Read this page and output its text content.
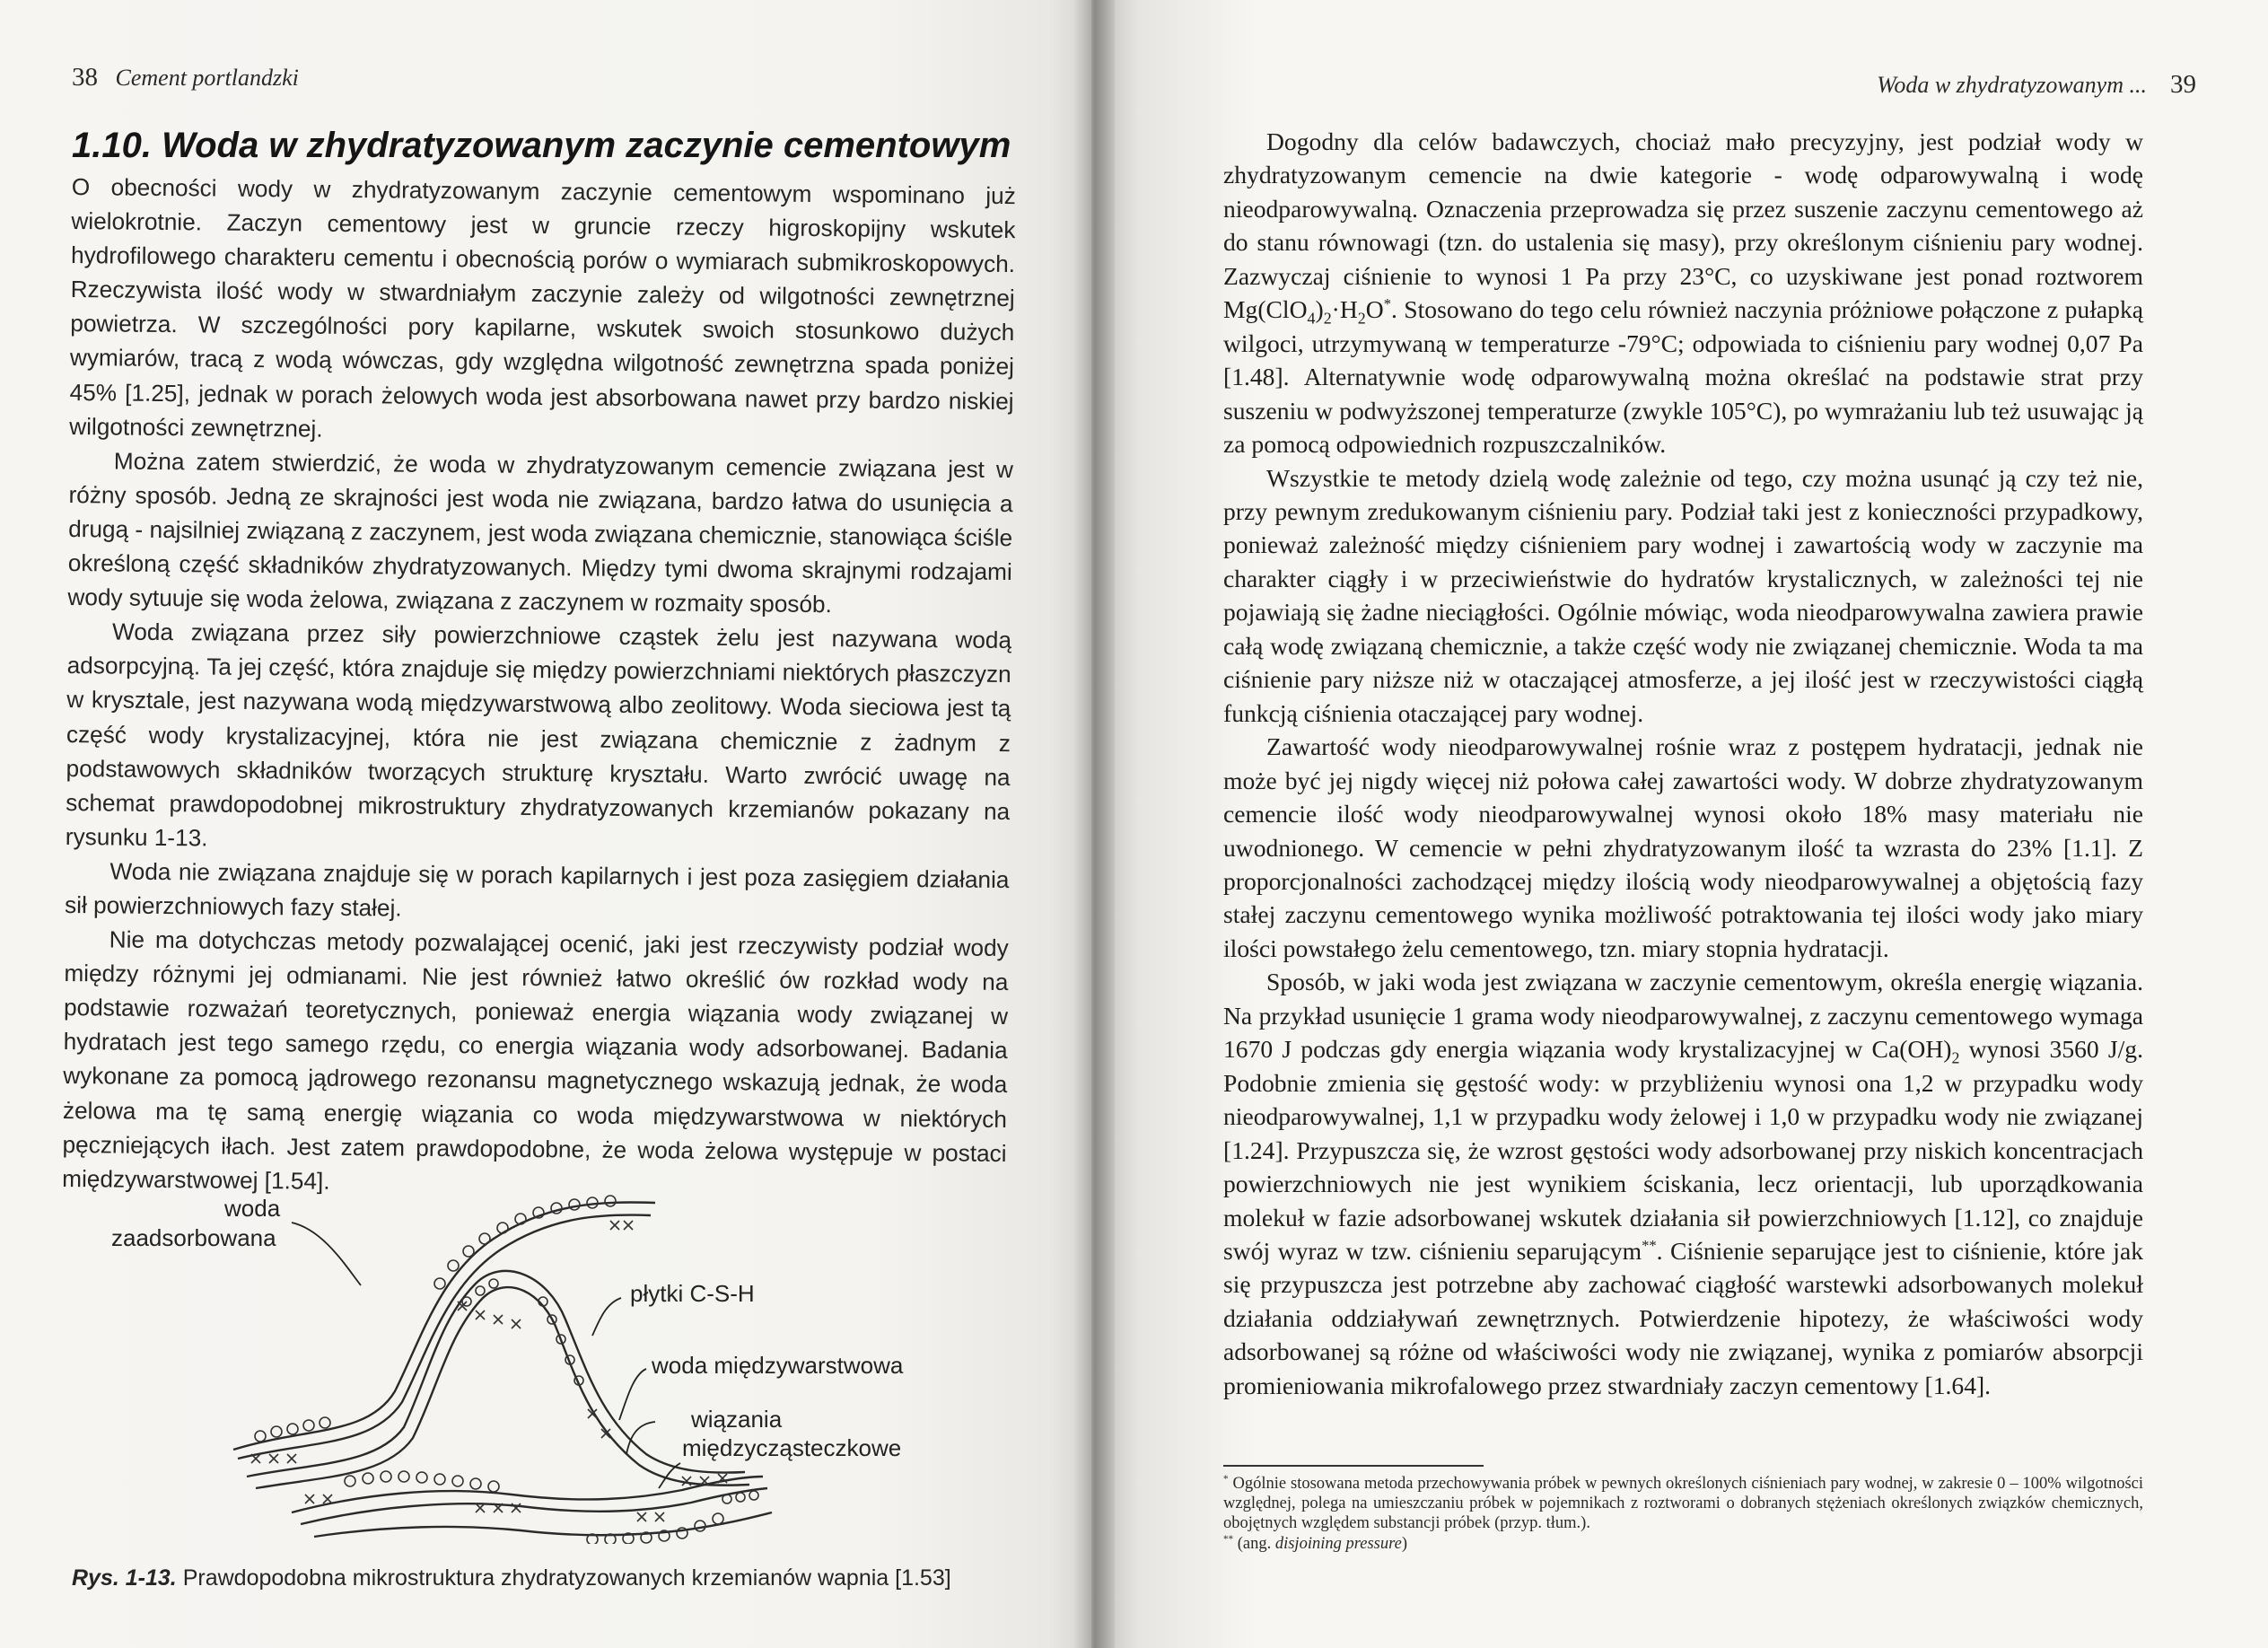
38 Cement portlandzki
1.10. Woda w zhydratyzowanym zaczynie cementowym

O obecności wody w zhydratyzowanym zaczynie cementowym wspominano już wielokrotnie. Zaczyn cementowy jest w gruncie rzeczy higroskopijny wskutek hydrofilowego charakteru cementu i obecnością porów o wymiarach submikroskopowych. Rzeczywista ilość wody w stwardniałym zaczynie zależy od wilgotności zewnętrznej powietrza. W szczególności pory kapilarne, wskutek swoich stosunkowo dużych wymiarów, tracą z wodą wówczas, gdy względna wilgotność zewnętrzna spada poniżej 45% [1.25], jednak w porach żelowych woda jest absorbowana nawet przy bardzo niskiej wilgotności zewnętrznej.

Można zatem stwierdzić, że woda w zhydratyzowanym cemencie związana jest w różny sposób. Jedną ze skrajności jest woda nie związana, bardzo łatwa do usunięcia a drugą - najsilniej związaną z zaczynem, jest woda związana chemicznie, stanowiąca ściśle określoną część składników zhydratyzowanych. Między tymi dwoma skrajnymi rodzajami wody sytuuje się woda żelowa, związana z zaczynem w rozmaity sposób.

Woda związana przez siły powierzchniowe cząstek żelu jest nazywana wodą adsorpcyjną. Ta jej część, która znajduje się między powierzchniami niektórych płaszczyzn w krysztale, jest nazywana wodą międzywarstwową albo zeolitowy. Woda sieciowa jest tą część wody krystalizacyjnej, która nie jest związana chemicznie z żadnym z podstawowych składników tworzących strukturę kryształu. Warto zwrócić uwagę na schemat prawdopodobnej mikrostruktury zhydratyzowanych krzemianów pokazany na rysunku 1-13.

Woda nie związana znajduje się w porach kapilarnych i jest poza zasięgiem działania sił powierzchniowych fazy stałej.

Nie ma dotychczas metody pozwalającej ocenić, jaki jest rzeczywisty podział wody między różnymi jej odmianami. Nie jest również łatwo określić ów rozkład wody na podstawie rozważań teoretycznych, ponieważ energia wiązania wody związanej w hydratach jest tego samego rzędu, co energia wiązania wody adsorbowanej. Badania wykonane za pomocą jądrowego rezonansu magnetycznego wskazują jednak, że woda żelowa ma tę samą energię wiązania co woda międzywarstwowa w niektórych pęczniejących iłach. Jest zatem prawdopodobne, że woda żelowa występuje w postaci międzywarstwowej [1.54].

woda
zaadsorbowana
płytki C-S-H
woda międzywarstwowa
wiązania
międzycząsteczkowe
Rys. 1-13. Prawdopodobna mikrostruktura zhydratyzowanych krzemianów wapnia [1.53]
Woda w zhydratyzowanym ... 39

Dogodny dla celów badawczych, chociaż mało precyzyjny, jest podział wody w zhydratyzowanym cemencie na dwie kategorie - wodę odparowywalną i wodę nieodparowywalną. Oznaczenia przeprowadza się przez suszenie zaczynu cementowego aż do stanu równowagi (tzn. do ustalenia się masy), przy określonym ciśnieniu pary wodnej. Zazwyczaj ciśnienie to wynosi 1 Pa przy 23°C, co uzyskiwane jest ponad roztworem $Mg(ClO_4)_2\cdot H_2O^*$. Stosowano do tego celu również naczynia próżniowe połączone z pułapką wilgoci, utrzymywaną w temperaturze -79°C; odpowiada to ciśnieniu pary wodnej 0,07 Pa [1.48]. Alternatywnie wodę odparowywalną można określać na podstawie strat przy suszeniu w podwyższonej temperaturze (zwykle 105°C), po wymrażaniu lub też usuwając ją za pomocą odpowiednich rozpuszczalników.

Wszystkie te metody dzielą wodę zależnie od tego, czy można usunąć ją czy też nie, przy pewnym zredukowanym ciśnieniu pary. Podział taki jest z konieczności przypadkowy, ponieważ zależność między ciśnieniem pary wodnej i zawartością wody w zaczynie ma charakter ciągły i w przeciwieństwie do hydratów krystalicznych, w zależności tej nie pojawiają się żadne nieciągłości. Ogólnie mówiąc, woda nieodparowywalna zawiera prawie całą wodę związaną chemicznie, a także część wody nie związanej chemicznie. Woda ta ma ciśnienie pary niższe niż w otaczającej atmosferze, a jej ilość jest w rzeczywistości ciągłą funkcją ciśnienia otaczającej pary wodnej.

Zawartość wody nieodparowywalnej rośnie wraz z postępem hydratacji, jednak nie może być jej nigdy więcej niż połowa całej zawartości wody. W dobrze zhydratyzowanym cemencie ilość wody nieodparowywalnej wynosi około 18% masy materiału nie uwodnionego. W cemencie w pełni zhydratyzowanym ilość ta wzrasta do 23% [1.1]. Z proporcjonalności zachodzącej między ilością wody nieodparowywalnej a objętością fazy stałej zaczynu cementowego wynika możliwość potraktowania tej ilości wody jako miary ilości powstałego żelu cementowego, tzn. miary stopnia hydratacji.

Sposób, w jaki woda jest związana w zaczynie cementowym, określa energię wiązania. Na przykład usunięcie 1 grama wody nieodparowywalnej, z zaczynu cementowego wymaga 1670 J podczas gdy energia wiązania wody krystalizacyjnej w $Ca(OH)_2$ wynosi 3560 J/g. Podobnie zmienia się gęstość wody: w przybliżeniu wynosi ona 1,2 w przypadku wody nieodparowywalnej, 1,1 w przypadku wody żelowej i 1,0 w przypadku wody nie związanej [1.24]. Przypuszcza się, że wzrost gęstości wody adsorbowanej przy niskich koncentracjach powierzchniowych nie jest wynikiem ściskania, lecz orientacji, lub uporządkowania molekuł w fazie adsorbowanej wskutek działania sił powierzchniowych [1.12], co znajduje swój wyraz w tzw. ciśnieniu separującym**. Ciśnienie separujące jest to ciśnienie, które jak się przypuszcza jest potrzebne aby zachować ciągłość warstewki adsorbowanych molekuł działania oddziaływań zewnętrznych. Potwierdzenie hipotezy, że właściwości wody adsorbowanej są różne od właściwości wody nie związanej, wynika z pomiarów absorpcji promieniowania mikrofalowego przez stwardniały zaczyn cementowy [1.64].

* Ogólnie stosowana metoda przechowywania próbek w pewnych określonych ciśnieniach pary wodnej, w zakresie 0 – 100% wilgotności względnej, polega na umieszczaniu próbek w pojemnikach z roztworami o dobranych stężeniach określonych związków chemicznych, obojętnych względem substancji próbek (przyp. tłum.).

** (ang. disjoining pressure)
